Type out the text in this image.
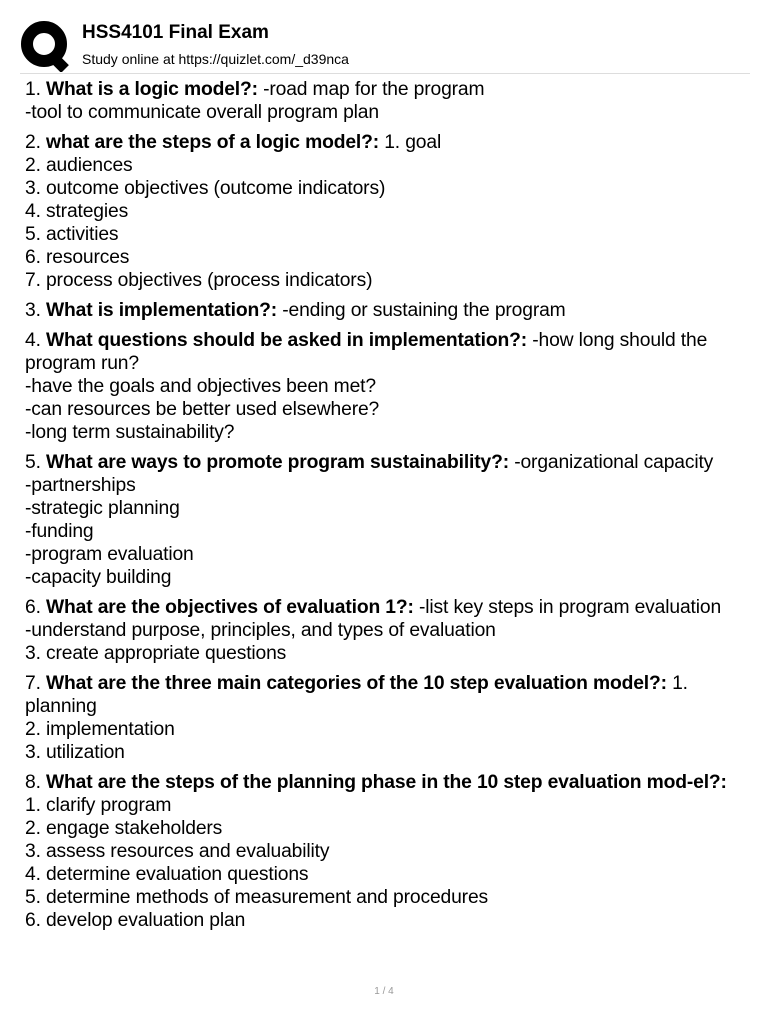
HSS4101 Final Exam
Study online at https://quizlet.com/_d39nca
1. What is a logic model?: -road map for the program
-tool to communicate overall program plan
2. what are the steps of a logic model?: 1. goal
2. audiences
3. outcome objectives (outcome indicators)
4. strategies
5. activities
6. resources
7. process objectives (process indicators)
3. What is implementation?: -ending or sustaining the program
4. What questions should be asked in implementation?: -how long should the program run?
-have the goals and objectives been met?
-can resources be better used elsewhere?
-long term sustainability?
5. What are ways to promote program sustainability?: -organizational capacity
-partnerships
-strategic planning
-funding
-program evaluation
-capacity building
6. What are the objectives of evaluation 1?: -list key steps in program evaluation
-understand purpose, principles, and types of evaluation
3. create appropriate questions
7. What are the three main categories of the 10 step evaluation model?: 1. planning
2. implementation
3. utilization
8. What are the steps of the planning phase in the 10 step evaluation mod-el?: 1. clarify program
2. engage stakeholders
3. assess resources and evaluability
4. determine evaluation questions
5. determine methods of measurement and procedures
6. develop evaluation plan
1 / 4
